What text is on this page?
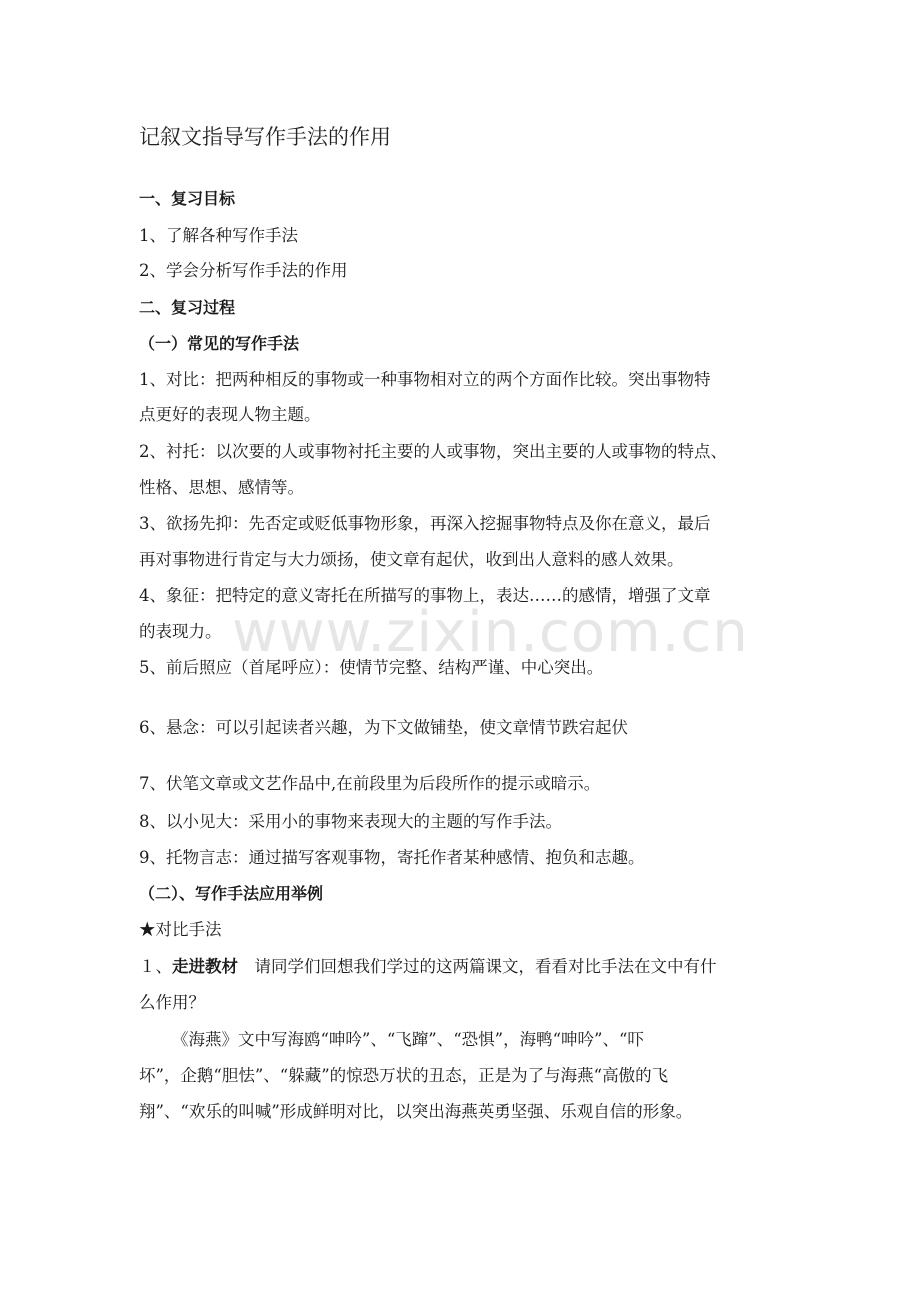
www.zixin.com.cn
记叙文指导写作手法的作用
一、复习目标
1、了解各种写作手法
2、学会分析写作手法的作用
二、复习过程
（一）常见的写作手法
1、对比：把两种相反的事物或一种事物相对立的两个方面作比较。突出事物特
点更好的表现人物主题。
2、衬托：以次要的人或事物衬托主要的人或事物，突出主要的人或事物的特点、
性格、思想、感情等。
3、欲扬先抑：先否定或贬低事物形象，再深入挖掘事物特点及你在意义，最后
再对事物进行肯定与大力颂扬，使文章有起伏，收到出人意料的感人效果。
4、象征：把特定的意义寄托在所描写的事物上，表达……的感情，增强了文章
的表现力。
5、前后照应（首尾呼应）：使情节完整、结构严谨、中心突出。
6、悬念：可以引起读者兴趣，为下文做铺垫，使文章情节跌宕起伏
7、伏笔文章或文艺作品中,在前段里为后段所作的提示或暗示。
8、以小见大：采用小的事物来表现大的主题的写作手法。
9、托物言志：通过描写客观事物，寄托作者某种感情、抱负和志趣。
（二）、写作手法应用举例
★对比手法
１、走进教材　请同学们回想我们学过的这两篇课文，看看对比手法在文中有什
么作用？
《海燕》文中写海鸥“呻吟”、“飞蹿”、“恐惧”，海鸭“呻吟”、“吓
坏”，企鹅“胆怯”、“躲藏”的惊恐万状的丑态，正是为了与海燕“高傲的飞
翔”、“欢乐的叫喊”形成鲜明对比，以突出海燕英勇坚强、乐观自信的形象。
